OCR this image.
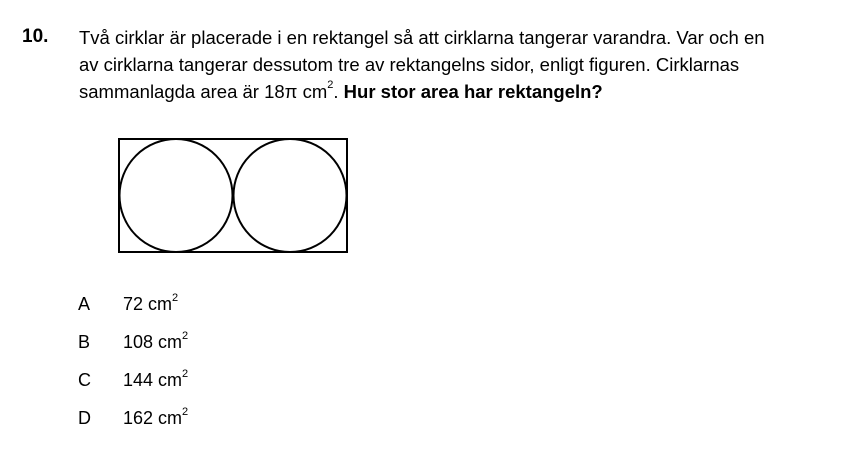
10. Två cirklar är placerade i en rektangel så att cirklarna tangerar varandra. Var och en
av cirklarna tangerar dessutom tre av rektangelns sidor, enligt figuren. Cirklarnas
sammanlagda area är 18π $cm^2$. Hur stor area har rektangeln?
A 72 $cm^2$
B 108 $cm^2$
C 144 $cm^2$
D 162 $cm^2$
